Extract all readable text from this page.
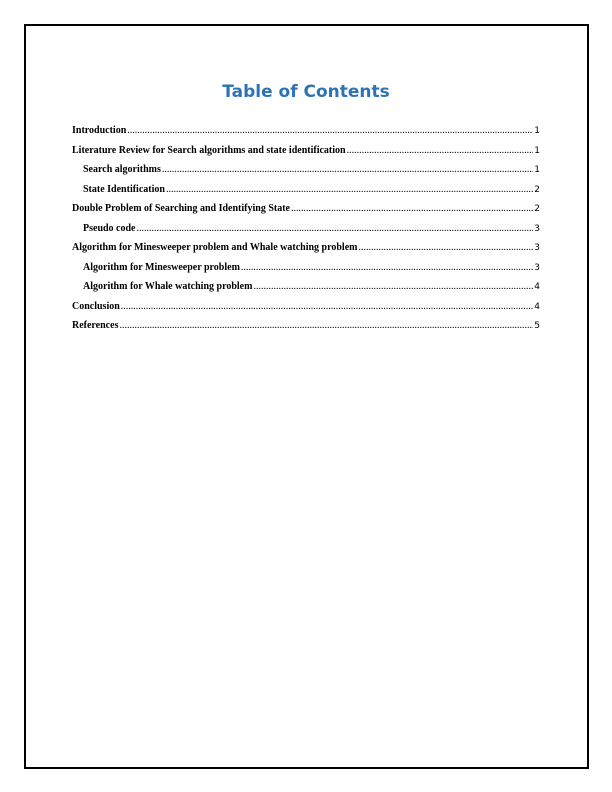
Table of Contents
Introduction .....	1
Literature Review for Search algorithms and state identification .....	1
Search algorithms .....	1
State Identification .....	2
Double Problem of Searching and Identifying State .....	2
Pseudo code .....	3
Algorithm for Minesweeper problem and Whale watching problem .....	3
Algorithm for Minesweeper problem .....	3
Algorithm for Whale watching problem .....	4
Conclusion .....	4
References .....	5
